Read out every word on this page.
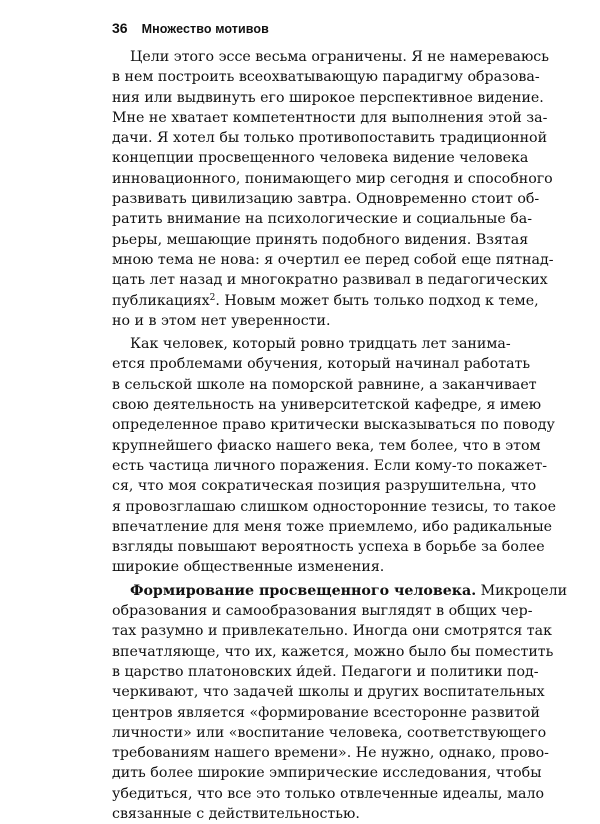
36 Множество мотивов
Цели этого эссе весьма ограничены. Я не намереваюсь
в нем построить всеохватывающую парадигму образова-
ния или выдвинуть его широкое перспективное видение.
Мне не хватает компетентности для выполнения этой за-
дачи. Я хотел бы только противопоставить традиционной
концепции просвещенного человека видение человека
инновационного, понимающего мир сегодня и способного
развивать цивилизацию завтра. Одновременно стоит об-
ратить внимание на психологические и социальные ба-
рьеры, мешающие принять подобного видения. Взятая
мною тема не нова: я очертил ее перед собой еще пятнад-
цать лет назад и многократно развивал в педагогических
публикациях$^2$. Новым может быть только подход к теме,
но и в этом нет уверенности.
Как человек, который ровно тридцать лет занима-
ется проблемами обучения, который начинал работать
в сельской школе на поморской равнине, а заканчивает
свою деятельность на университетской кафедре, я имею
определенное право критически высказываться по поводу
крупнейшего фиаско нашего века, тем более, что в этом
есть частица личного поражения. Если кому-то покажет-
ся, что моя сократическая позиция разрушительна, что
я провозглашаю слишком односторонние тезисы, то такое
впечатление для меня тоже приемлемо, ибо радикальные
взгляды повышают вероятность успеха в борьбе за более
широкие общественные изменения.
Формирование просвещенного человека. Микроцели
образования и самообразования выглядят в общих чер-
тах разумно и привлекательно. Иногда они смотрятся так
впечатляюще, что их, кажется, можно было бы поместить
в царство платоновских и́дей. Педагоги и политики под-
черкивают, что задачей школы и других воспитательных
центров является «формирование всесторонне развитой
личности» или «воспитание человека, соответствующего
требованиям нашего времени». Не нужно, однако, прово-
дить более широкие эмпирические исследования, чтобы
убедиться, что все это только отвлеченные идеалы, мало
связанные с действительностью.
